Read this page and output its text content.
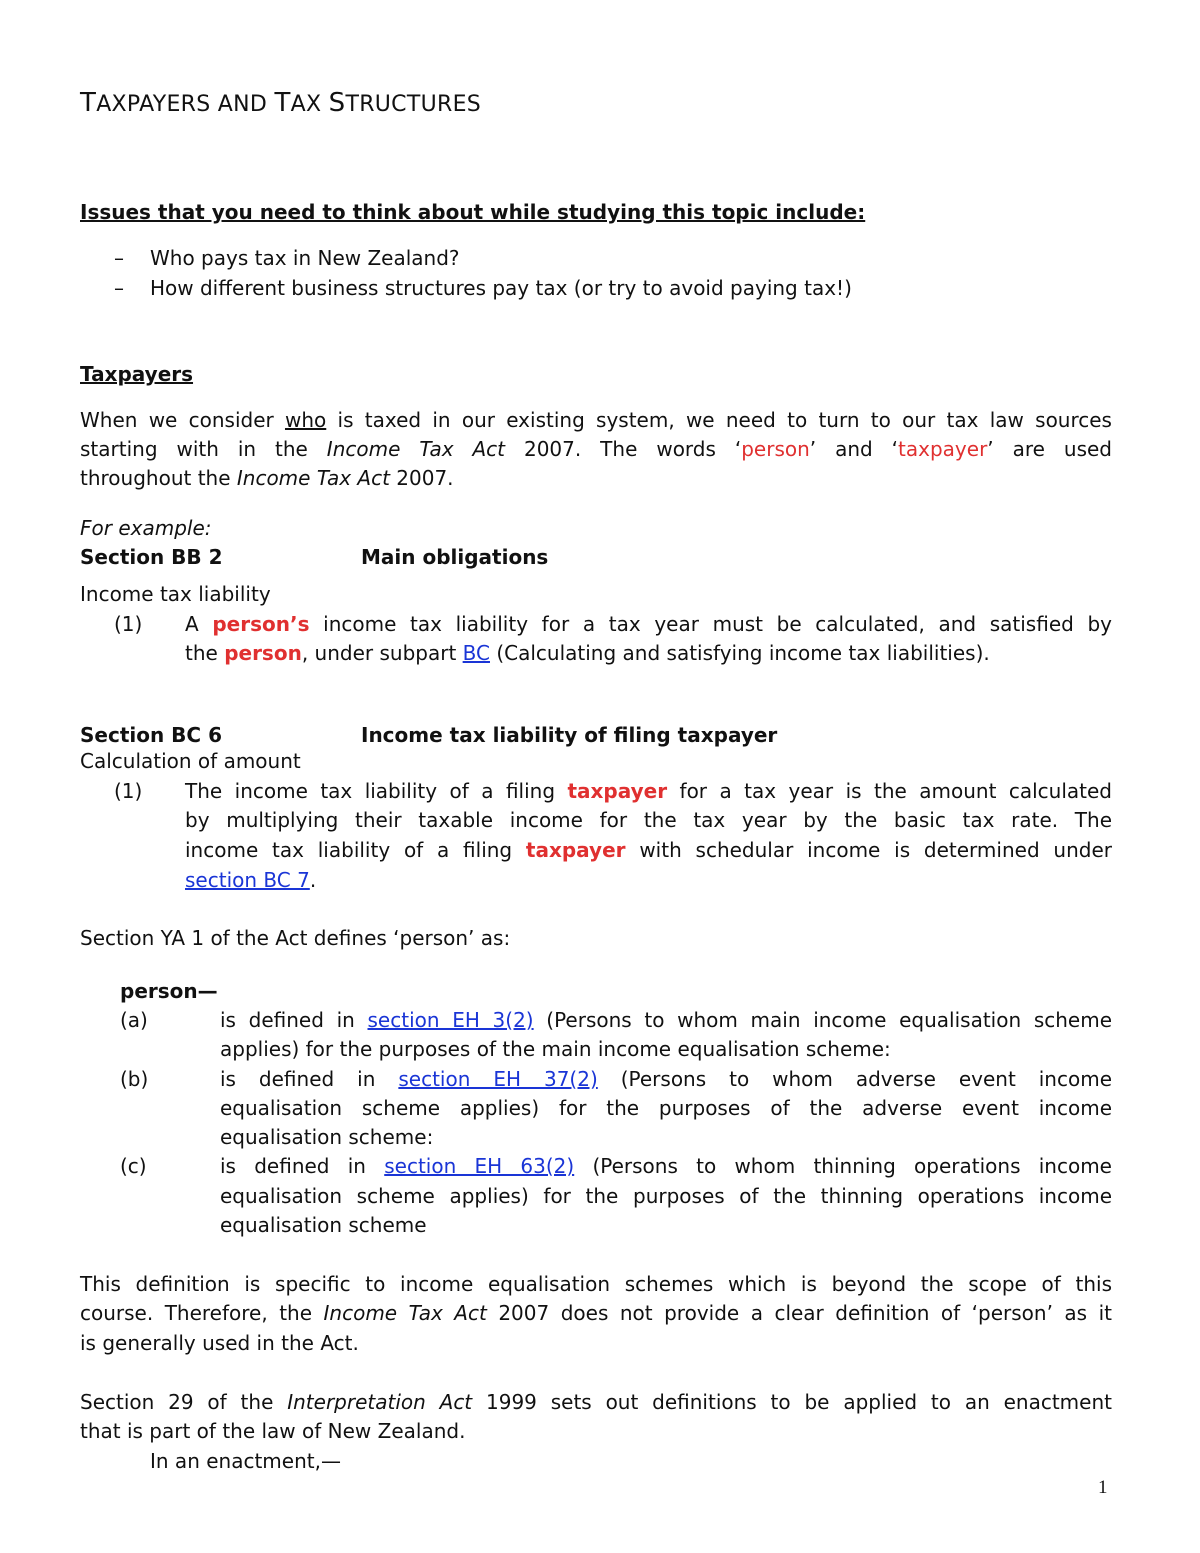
TAXPAYERS AND TAX STRUCTURES
Issues that you need to think about while studying this topic include:
– Who pays tax in New Zealand?
– How different business structures pay tax (or try to avoid paying tax!)
Taxpayers
When we consider who is taxed in our existing system, we need to turn to our tax law sources
starting with in the Income Tax Act 2007. The words ‘person’ and ‘taxpayer’ are used
throughout the Income Tax Act 2007.
For example:
Section BB 2	Main obligations
Income tax liability
(1) A person’s income tax liability for a tax year must be calculated, and satisfied by
the person, under subpart BC (Calculating and satisfying income tax liabilities).
Section BC 6	Income tax liability of filing taxpayer
Calculation of amount
(1) The income tax liability of a filing taxpayer for a tax year is the amount calculated
by multiplying their taxable income for the tax year by the basic tax rate. The
income tax liability of a filing taxpayer with schedular income is determined under
section BC 7.
Section YA 1 of the Act defines ‘person’ as:
person—
(a)	is defined in section EH 3(2) (Persons to whom main income equalisation scheme
applies) for the purposes of the main income equalisation scheme:
(b)	is defined in section EH 37(2) (Persons to whom adverse event income
equalisation scheme applies) for the purposes of the adverse event income
equalisation scheme:
(c)	is defined in section EH 63(2) (Persons to whom thinning operations income
equalisation scheme applies) for the purposes of the thinning operations income
equalisation scheme
This definition is specific to income equalisation schemes which is beyond the scope of this
course. Therefore, the Income Tax Act 2007 does not provide a clear definition of ‘person’ as it
is generally used in the Act.
Section 29 of the Interpretation Act 1999 sets out definitions to be applied to an enactment
that is part of the law of New Zealand.
In an enactment,—
1
